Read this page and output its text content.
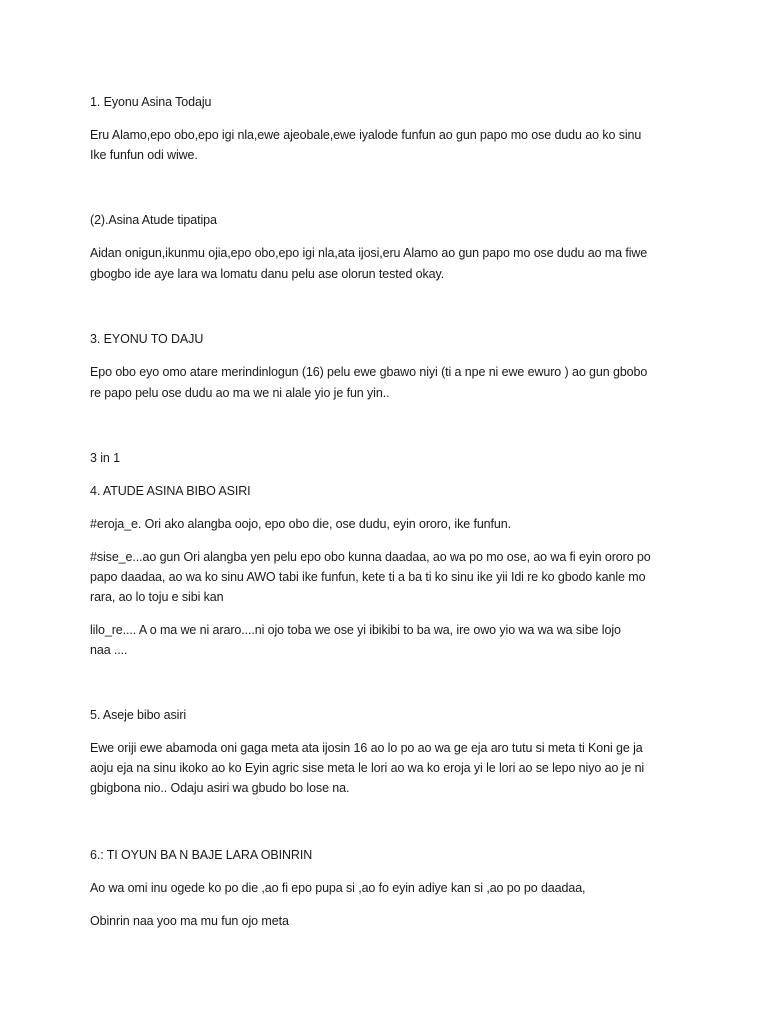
1. Eyonu Asina Todaju
Eru Alamo,epo obo,epo igi nla,ewe ajeobale,ewe iyalode funfun ao gun papo mo ose dudu ao ko sinu
Ike funfun odi wiwe.
(2).Asina Atude tipatipa
Aidan onigun,ikunmu ojia,epo obo,epo igi nla,ata ijosi,eru Alamo ao gun papo mo ose dudu ao ma fiwe
gbogbo ide aye lara wa lomatu danu pelu ase olorun tested okay.
3. EYONU TO DAJU
Epo obo eyo omo atare merindinlogun (16) pelu ewe gbawo niyi (ti a npe ni ewe ewuro ) ao gun gbobo
re papo pelu ose dudu ao ma we ni alale yio je fun yin..
3 in 1
4. ATUDE ASINA BIBO ASIRI
#eroja_e. Ori ako alangba oojo, epo obo die, ose dudu, eyin ororo, ike funfun.
#sise_e...ao gun Ori alangba yen pelu epo obo kunna daadaa, ao wa po mo ose, ao wa fi eyin ororo po
papo daadaa, ao wa ko sinu AWO tabi ike funfun, kete ti a ba ti ko sinu ike yii Idi re ko gbodo kanle mo
rara, ao lo toju e sibi kan
lilo_re.... A o ma we ni araro....ni ojo toba we ose yi ibikibi to ba wa, ire owo yio wa wa wa sibe lojo
naa ....
5. Aseje bibo asiri
Ewe oriji ewe abamoda oni gaga meta ata ijosin 16 ao lo po ao wa ge eja aro tutu si meta ti Koni ge ja
aoju eja na sinu ikoko ao ko Eyin agric sise meta le lori ao wa ko eroja yi le lori ao se lepo niyo ao je ni
gbigbona nio.. Odaju asiri wa gbudo bo lose na.
6.: TI OYUN BA N BAJE LARA OBINRIN
Ao wa omi inu ogede ko po die ,ao fi epo pupa si ,ao fo eyin adiye kan si ,ao po po daadaa,
Obinrin naa yoo ma mu fun ojo meta
